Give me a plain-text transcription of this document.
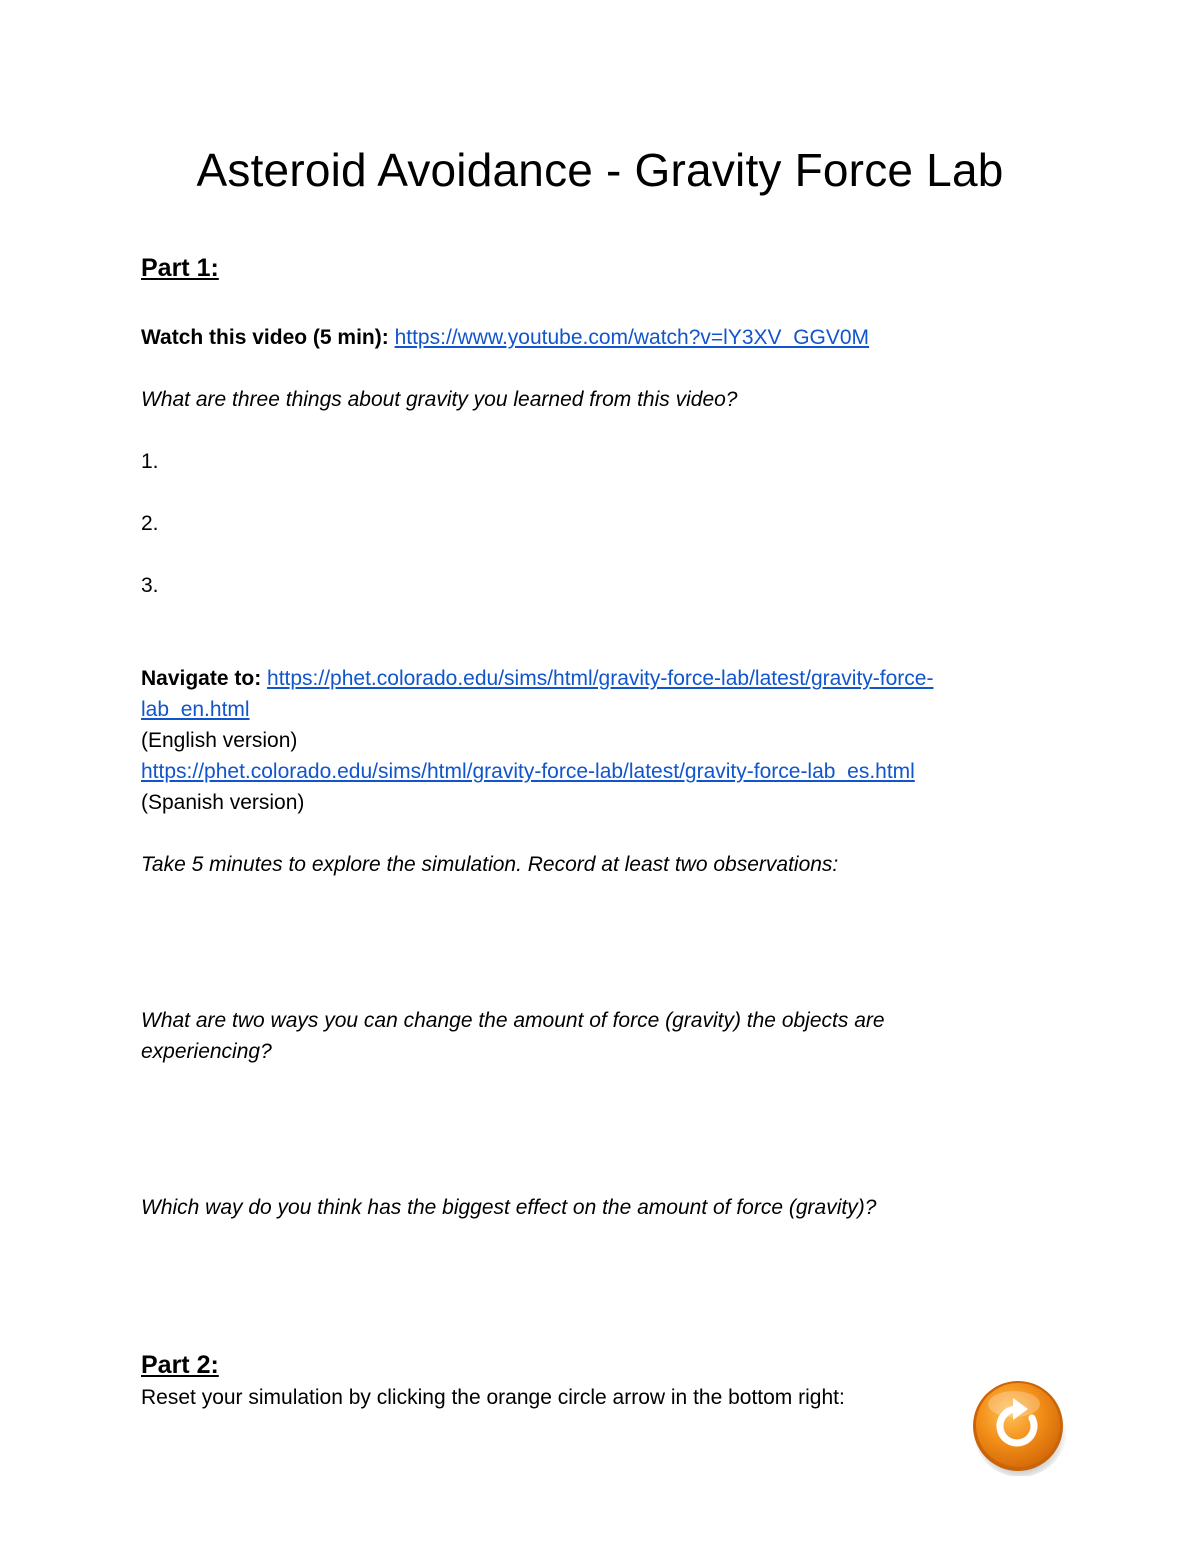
Asteroid Avoidance - Gravity Force Lab
Part 1:
Watch this video (5 min): https://www.youtube.com/watch?v=lY3XV_GGV0M
What are three things about gravity you learned from this video?
1.
2.
3.
Navigate to: https://phet.colorado.edu/sims/html/gravity-force-lab/latest/gravity-force-
lab_en.html
(English version)
https://phet.colorado.edu/sims/html/gravity-force-lab/latest/gravity-force-lab_es.html
(Spanish version)
Take 5 minutes to explore the simulation. Record at least two observations:
What are two ways you can change the amount of force (gravity) the objects are
experiencing?
Which way do you think has the biggest effect on the amount of force (gravity)?
Part 2:
Reset your simulation by clicking the orange circle arrow in the bottom right:
